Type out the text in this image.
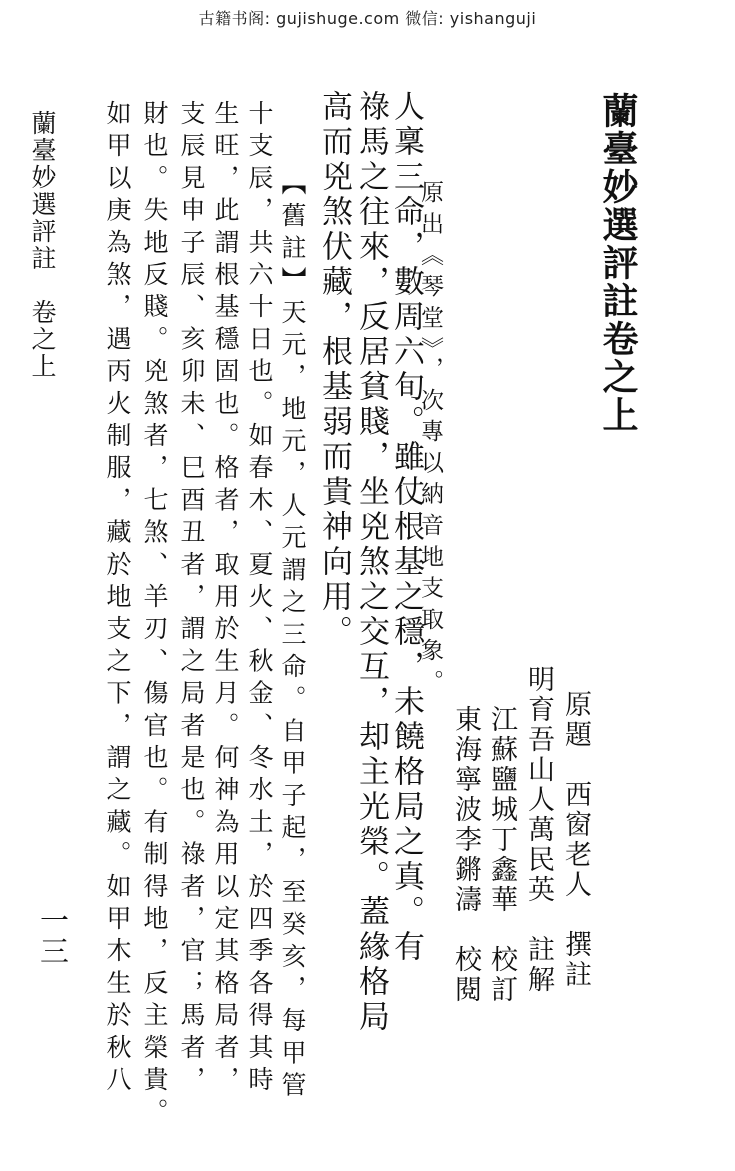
古籍书阁: gujishuge.com 微信: yishanguji
蘭臺妙選評註卷之上
原題　西窗老人　撰註
明育吾山人萬民英　註解
江蘇鹽城丁鑫華　校訂
東海寧波李鏘濤　校閱
原出《琴堂》，次專以納音地支取象。
人稟三命，數周六旬。雖仗根基之穩，未饒格局之真。有
祿馬之往來，反居貧賤，坐兇煞之交互，却主光榮。蓋緣格局
高而兇煞伏藏，根基弱而貴神向用。
【舊註】天元，地元，人元謂之三命。自甲子起，至癸亥，每甲管
十支辰，共六十日也。如春木、夏火、秋金、冬水土，於四季各得其時
生旺，此謂根基穩固也。格者，取用於生月。何神為用以定其格局者，
支辰見申子辰、亥卯未、巳酉丑者，謂之局者是也。祿者，官；馬者，
財也。失地反賤。兇煞者，七煞、羊刃、傷官也。有制得地，反主榮貴。
如甲以庚為煞，遇丙火制服，藏於地支之下，謂之藏。如甲木生於秋八
蘭臺妙選評註　卷之上
一三
